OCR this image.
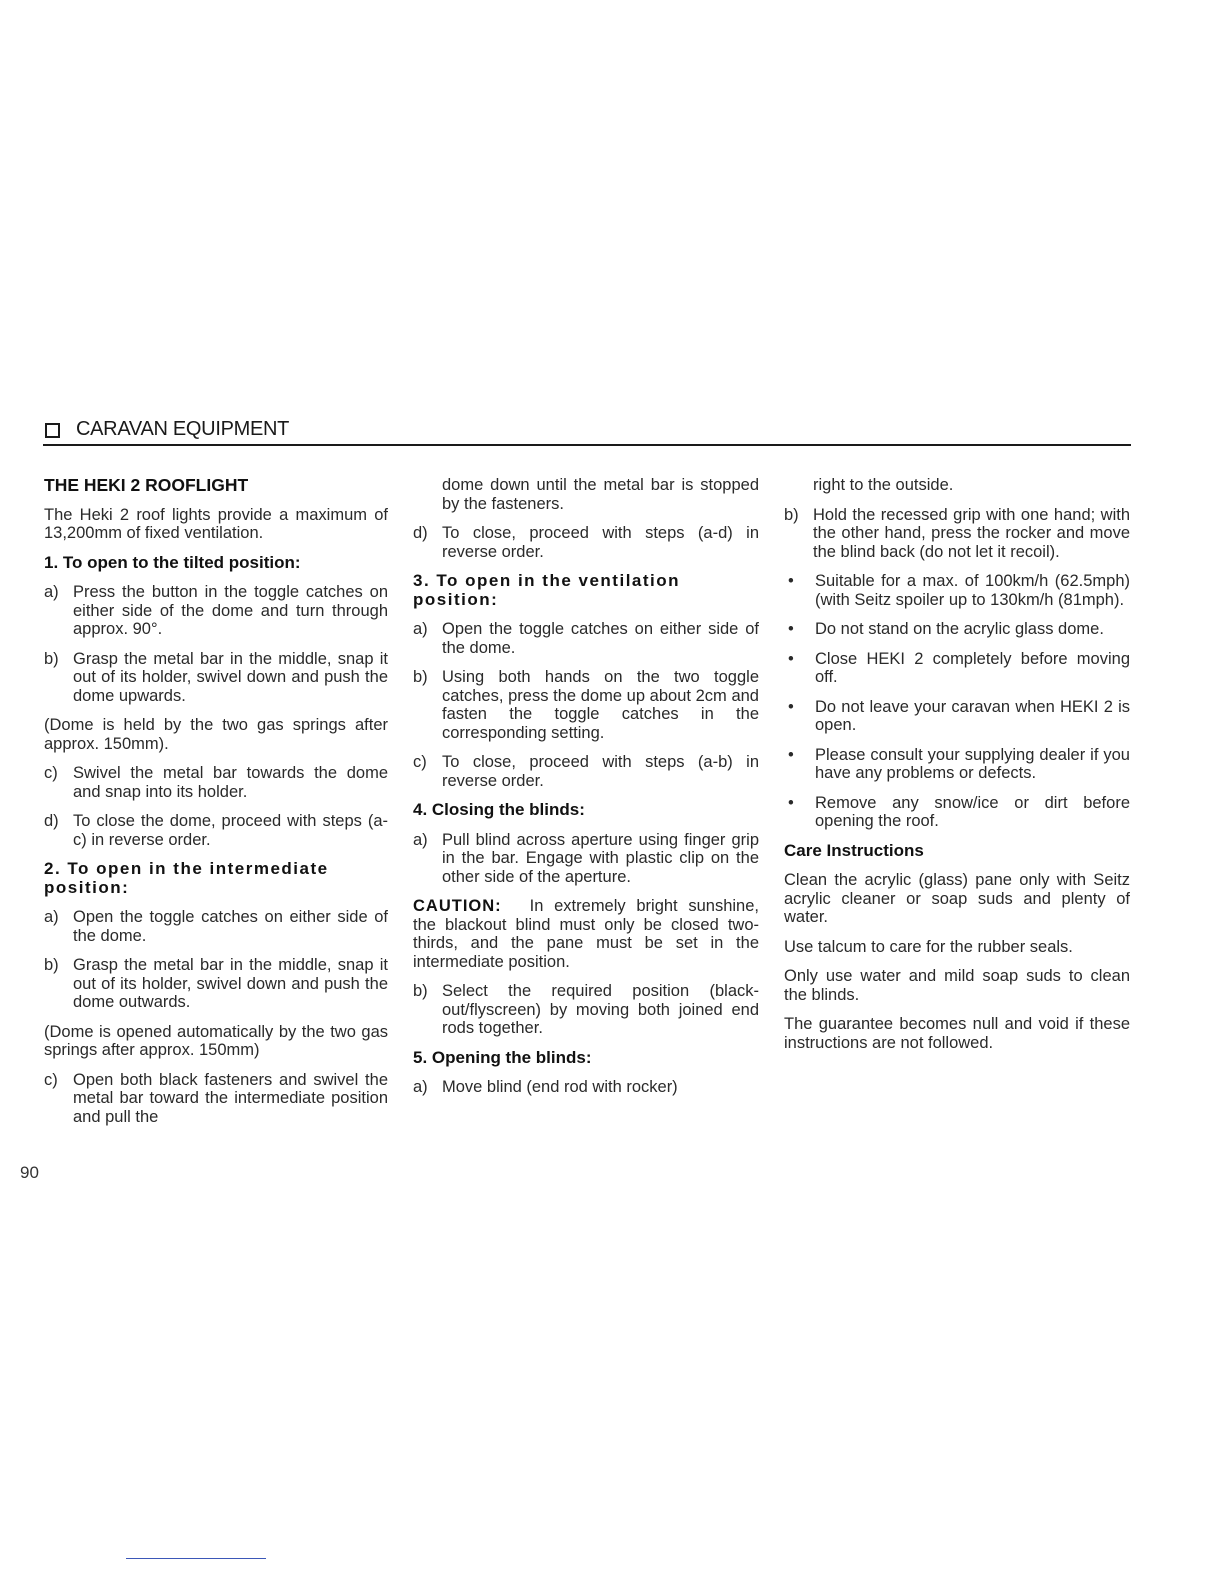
CARAVAN EQUIPMENT
THE HEKI 2 ROOFLIGHT

The Heki 2 roof lights provide a maximum of 13,200mm of fixed ventilation.

1. To open to the tilted position:
a) Press the button in the toggle catches on either side of the dome and turn through approx. 90°.
b) Grasp the metal bar in the middle, snap it out of its holder, swivel down and push the dome upwards.

(Dome is held by the two gas springs after approx. 150mm).

c) Swivel the metal bar towards the dome and snap into its holder.
d) To close the dome, proceed with steps (a-c) in reverse order.
2. To open in the intermediate position:
a) Open the toggle catches on either side of the dome.
b) Grasp the metal bar in the middle, snap it out of its holder, swivel down and push the dome outwards.

(Dome is opened automatically by the two gas springs after approx. 150mm)

c) Open both black fasteners and swivel the metal bar toward the intermediate position and pull the
dome down until the metal bar is stopped by the fasteners.
d) To close, proceed with steps (a-d) in reverse order.
3. To open in the ventilation position:
a) Open the toggle catches on either side of the dome.
b) Using both hands on the two toggle catches, press the dome up about 2cm and fasten the toggle catches in the corresponding setting.
c) To close, proceed with steps (a-b) in reverse order.
4. Closing the blinds:
a) Pull blind across aperture using finger grip in the bar. Engage with plastic clip on the other side of the aperture.

CAUTION: In extremely bright sunshine, the blackout blind must only be closed two-thirds, and the pane must be set in the intermediate position.

b) Select the required position (black-out/flyscreen) by moving both joined end rods together.
5. Opening the blinds:
a) Move blind (end rod with rocker)
right to the outside.
b) Hold the recessed grip with one hand; with the other hand, press the rocker and move the blind back (do not let it recoil).
•	Suitable for a max. of 100km/h (62.5mph) (with Seitz spoiler up to 130km/h (81mph).
•	Do not stand on the acrylic glass dome.
•	Close HEKI 2 completely before moving off.
•	Do not leave your caravan when HEKI 2 is open.
•	Please consult your supplying dealer if you have any problems or defects.
•	Remove any snow/ice or dirt before opening the roof.
Care Instructions

Clean the acrylic (glass) pane only with Seitz acrylic cleaner or soap suds and plenty of water.

Use talcum to care for the rubber seals.

Only use water and mild soap suds to clean the blinds.

The guarantee becomes null and void if these instructions are not followed.

90
